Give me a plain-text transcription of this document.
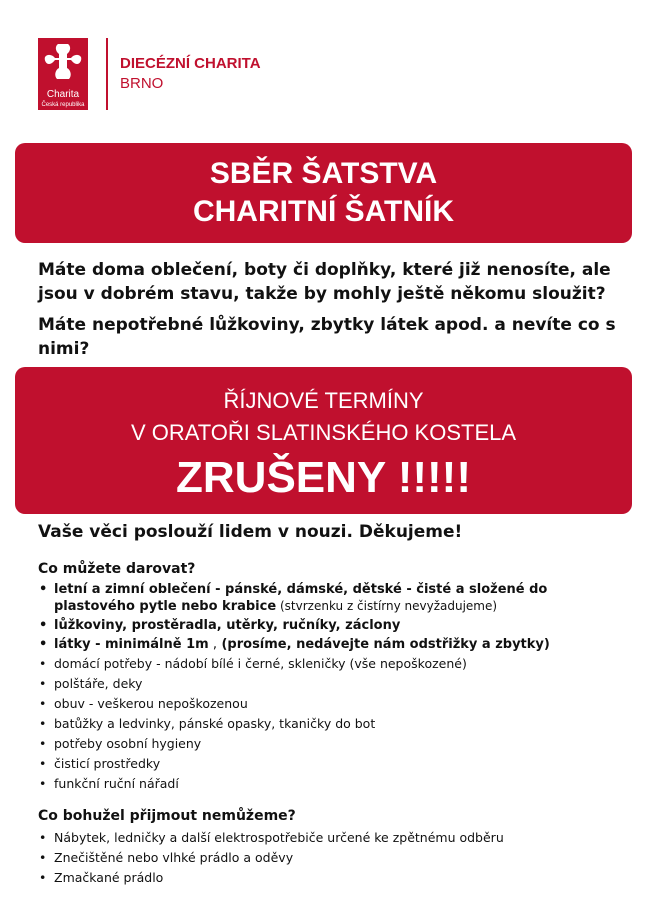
Charita
Česká republika
DIECÉZNÍ CHARITA
BRNO
SBĚR ŠATSTVA
CHARITNÍ ŠATNÍK
Máte doma oblečení, boty či doplňky, které již nenosíte, ale jsou v dobrém stavu, takže by mohly ještě někomu sloužit?
Máte nepotřebné lůžkoviny, zbytky látek apod. a nevíte co s nimi?
ŘÍJNOVÉ TERMÍNY
V ORATOŘI SLATINSKÉHO KOSTELA
ZRUŠENY !!!!!
Vaše věci poslouží lidem v nouzi. Děkujeme!
Co můžete darovat?
• letní a zimní oblečení - pánské, dámské, dětské - čisté a složené do plastového pytle nebo krabice (stvrzenku z čistírny nevyžadujeme)
• lůžkoviny, prostěradla, utěrky, ručníky, záclony
• látky - minimálně 1m , (prosíme, nedávejte nám odstřižky a zbytky)
• domácí potřeby - nádobí bílé i černé, skleničky (vše nepoškozené)
• polštáře, deky
• obuv - veškerou nepoškozenou
• batůžky a ledvinky, pánské opasky, tkaničky do bot
• potřeby osobní hygieny
• čisticí prostředky
• funkční ruční nářadí
Co bohužel přijmout nemůžeme?
• Nábytek, ledničky a další elektrospotřebiče určené ke zpětnému odběru
• Znečištěné nebo vlhké prádlo a oděvy
• Zmačkané prádlo
